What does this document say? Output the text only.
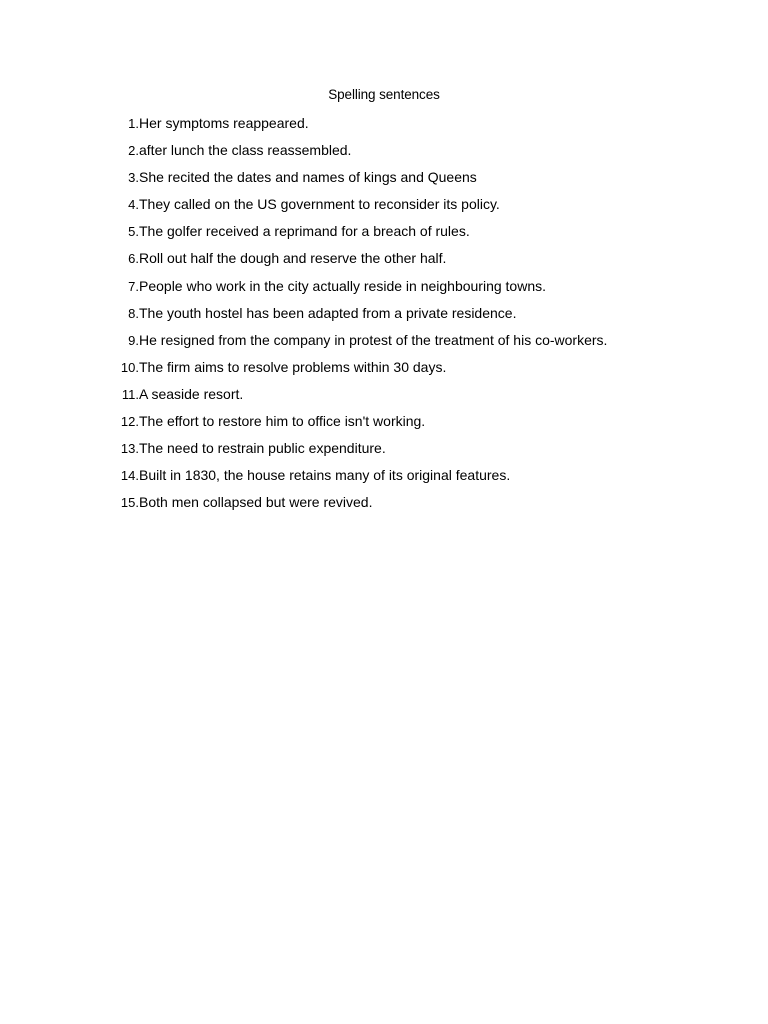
Spelling sentences
1. Her symptoms reappeared.
2. after lunch the class reassembled.
3. She recited the dates and names of kings and Queens
4. They called on the US government to reconsider its policy.
5. The golfer received a reprimand for a breach of rules.
6. Roll out half the dough and reserve the other half.
7. People who work in the city actually reside in neighbouring towns.
8. The youth hostel has been adapted from a private residence.
9. He resigned from the company in protest of the treatment of his co-workers.
10. The firm aims to resolve problems within 30 days.
11. A seaside resort.
12. The effort to restore him to office isn't working.
13. The need to restrain public expenditure.
14. Built in 1830, the house retains many of its original features.
15. Both men collapsed but were revived.
